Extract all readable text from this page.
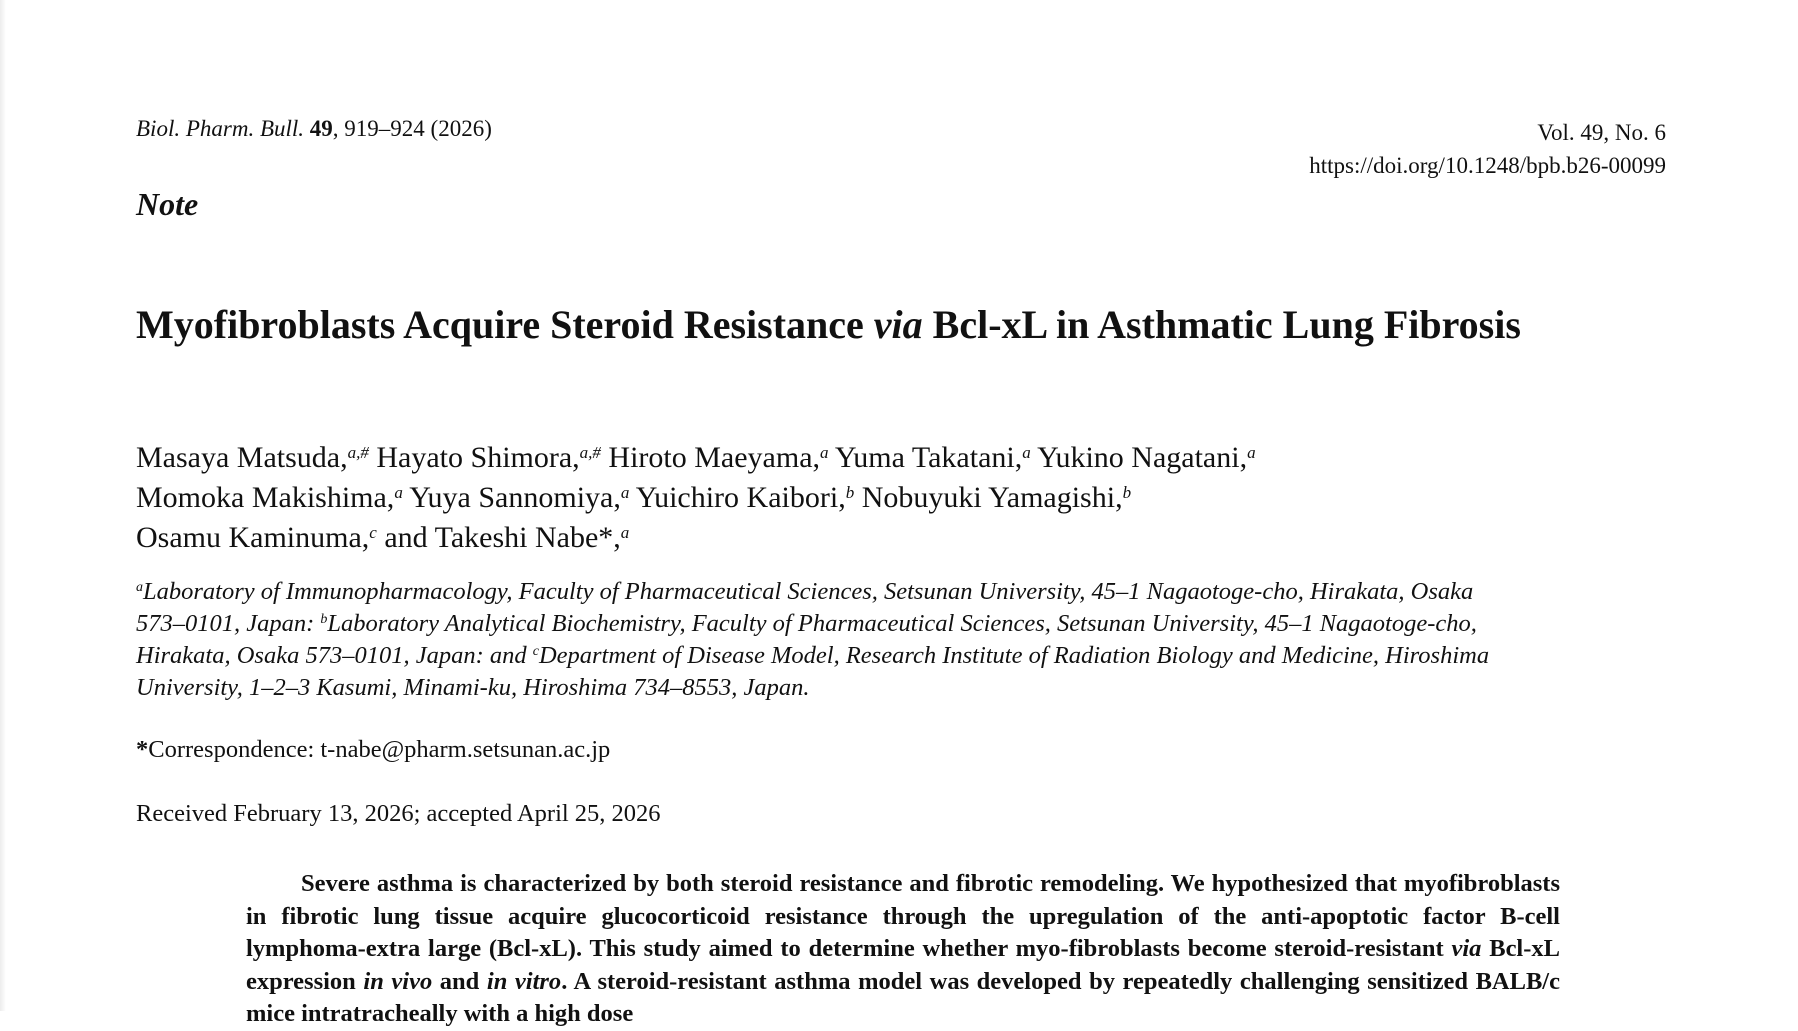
Biol. Pharm. Bull. 49, 919–924 (2026)	Vol. 49, No. 6
https://doi.org/10.1248/bpb.b26-00099
Note
Myofibroblasts Acquire Steroid Resistance via Bcl-xL in Asthmatic Lung Fibrosis
Masaya Matsuda,$^{a,\#}$ Hayato Shimora,$^{a,\#}$ Hiroto Maeyama,$^a$ Yuma Takatani,$^a$ Yukino Nagatani,$^a$
Momoka Makishima,$^a$ Yuya Sannomiya,$^a$ Yuichiro Kaibori,$^b$ Nobuyuki Yamagishi,$^b$
Osamu Kaminuma,$^c$ and Takeshi Nabe*,$^a$
$^a$Laboratory of Immunopharmacology, Faculty of Pharmaceutical Sciences, Setsunan University, 45–1 Nagaotoge-cho, Hirakata, Osaka 573–0101, Japan: $^b$Laboratory Analytical Biochemistry, Faculty of Pharmaceutical Sciences, Setsunan University, 45–1 Nagaotoge-cho, Hirakata, Osaka 573–0101, Japan: and $^c$Department of Disease Model, Research Institute of Radiation Biology and Medicine, Hiroshima University, 1–2–3 Kasumi, Minami-ku, Hiroshima 734–8553, Japan.
*Correspondence: t-nabe@pharm.setsunan.ac.jp
Received February 13, 2026; accepted April 25, 2026

Severe asthma is characterized by both steroid resistance and fibrotic remodeling. We hypothesized that myofibroblasts in fibrotic lung tissue acquire glucocorticoid resistance through the upregulation of the anti-apoptotic factor B-cell lymphoma-extra large (Bcl-xL). This study aimed to determine whether myo-fibroblasts become steroid-resistant via Bcl-xL expression in vivo and in vitro. A steroid-resistant asthma model was developed by repeatedly challenging sensitized BALB/c mice intratracheally with a high dose
